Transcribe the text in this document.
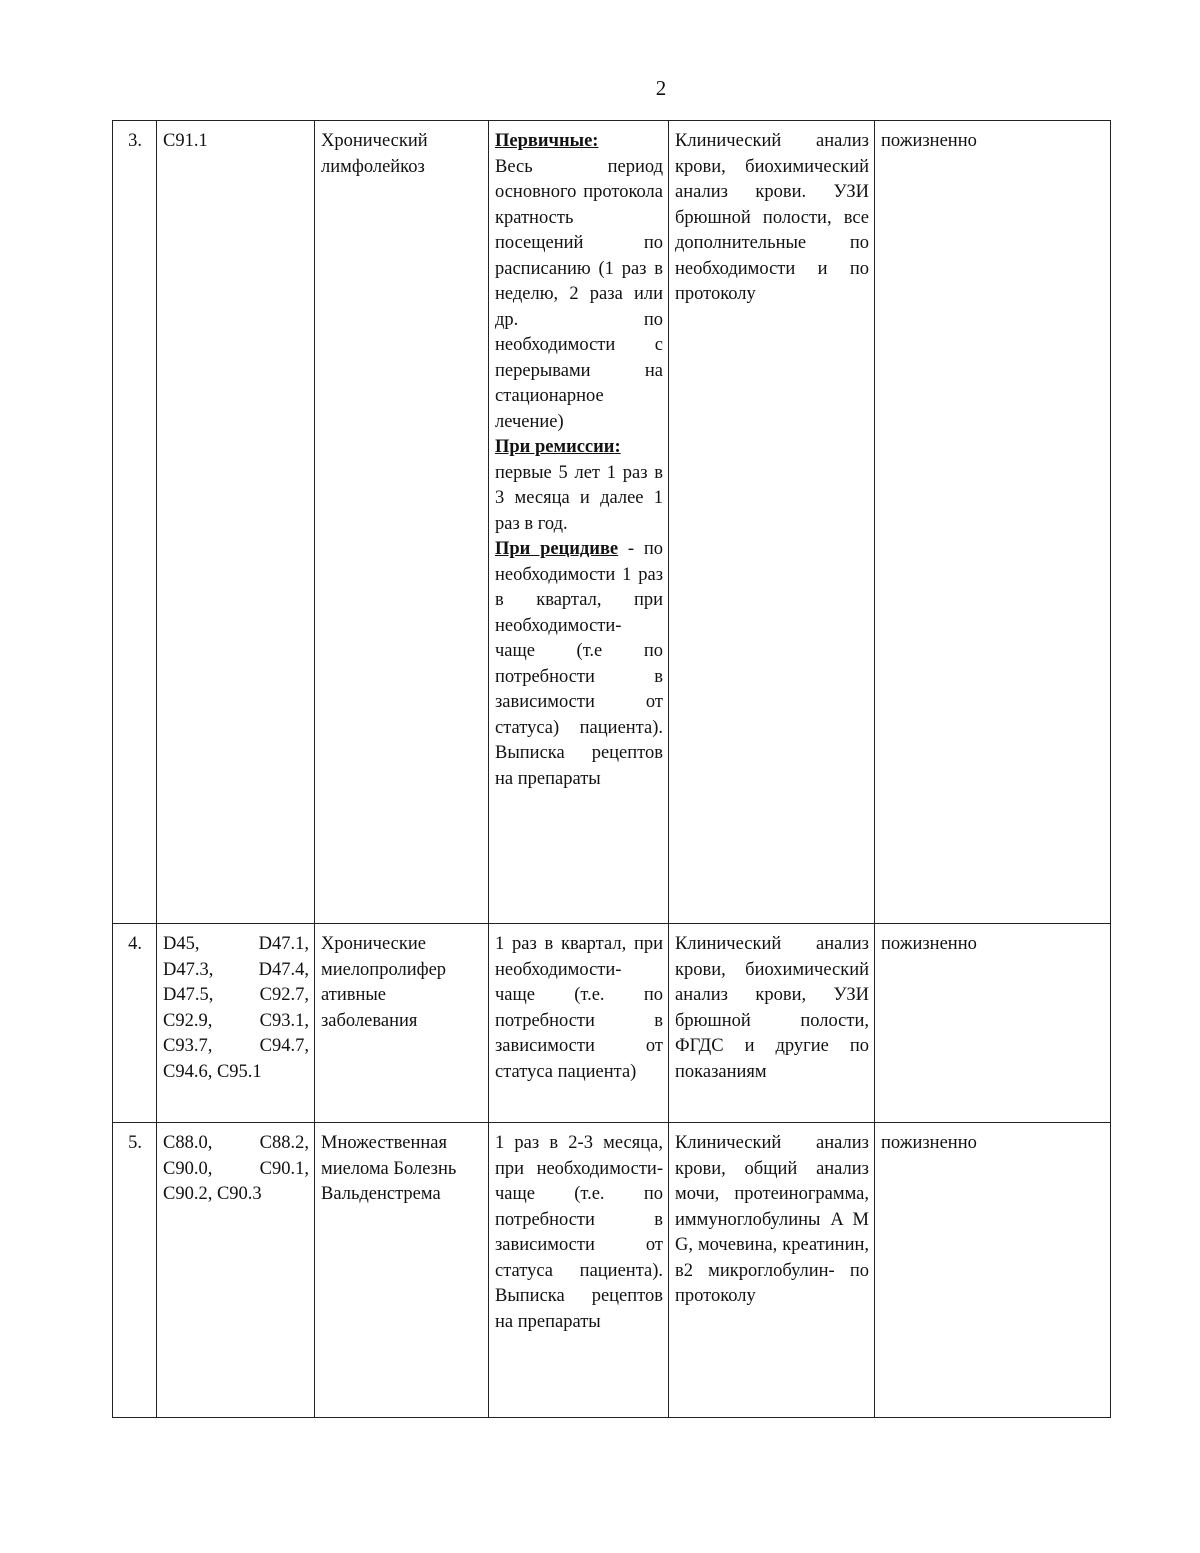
2
3.	C91.1	Хронический лимфолейкоз	Первичные:
Весь период основного протокола кратность посещений по расписанию (1 раз в неделю, 2 раза или др. по необходимости с перерывами на стационарное лечение)
При ремиссии:
первые 5 лет 1 раз в 3 месяца и далее 1 раз в год.
При рецидиве - по необходимости 1 раз в квартал, при необходимости- чаще (т.е по потребности в зависимости от статуса) пациента). Выписка рецептов на препараты	Клинический анализ крови, биохимический анализ крови. УЗИ брюшной полости, все дополнительные по необходимости и по протоколу	пожизненно
4.	D45, D47.1, D47.3, D47.4, D47.5, C92.7, C92.9, C93.1, C93.7, C94.7, C94.6, C95.1	Хронические миелопролифер ативные заболевания	1 раз в квартал, при необходимости- чаще (т.е. по потребности в зависимости от статуса пациента)	Клинический анализ крови, биохимический анализ крови, УЗИ брюшной полости, ФГДС и другие по показаниям	пожизненно
5.	C88.0, C88.2, C90.0, C90.1, C90.2, C90.3	Множественная миелома Болезнь Вальденстрема	1 раз в 2-3 месяца, при необходимости- чаще (т.е. по потребности в зависимости от статуса пациента). Выписка рецептов на препараты	Клинический анализ крови, общий анализ мочи, протеинограмма, иммуноглобулины A M G, мочевина, креатинин, в2 микроглобулин- по протоколу	пожизненно
